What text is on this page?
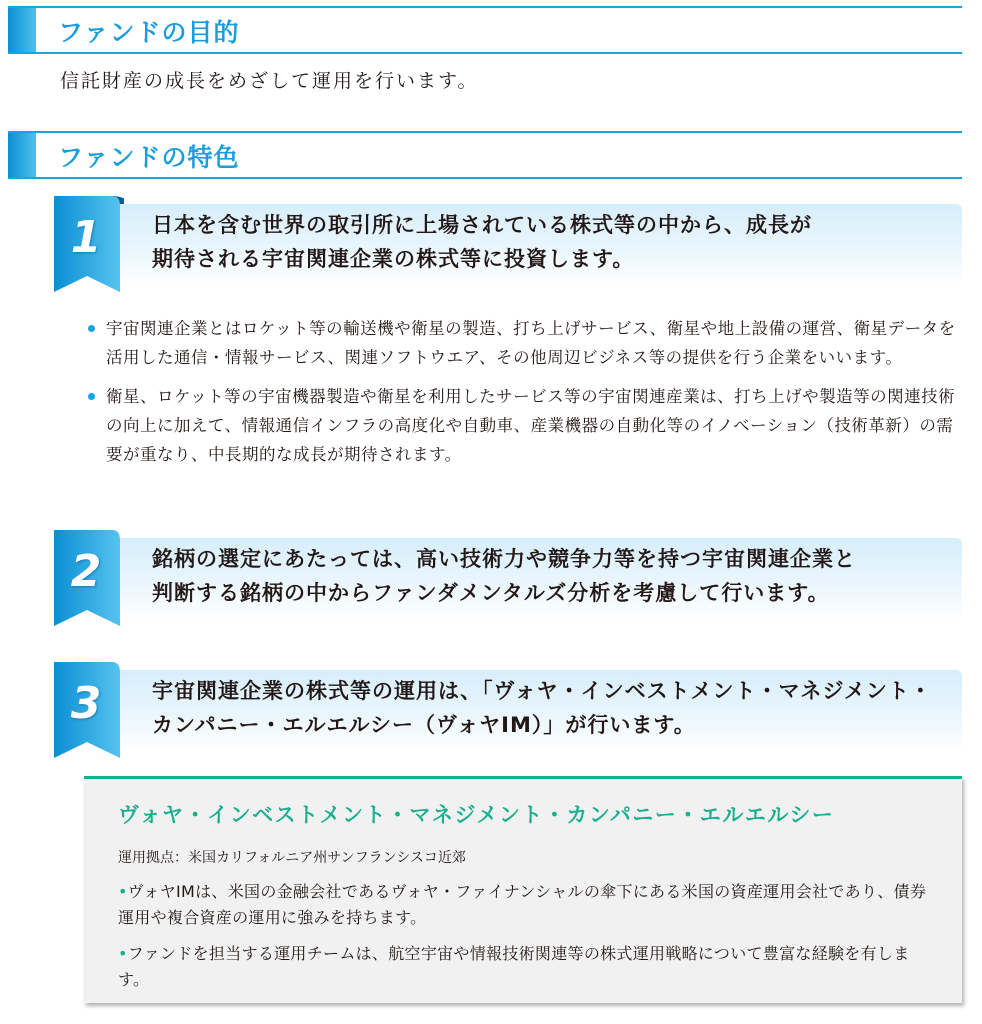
ファンドの目的
信託財産の成長をめざして運用を行います。
ファンドの特色
1	日本を含む世界の取引所に上場されている株式等の中から、成長が
期待される宇宙関連企業の株式等に投資します。
宇宙関連企業とはロケット等の輸送機や衛星の製造、打ち上げサービス、衛星や地上設備の運営、衛星データを活用した通信・情報サービス、関連ソフトウエア、その他周辺ビジネス等の提供を行う企業をいいます。
衛星、ロケット等の宇宙機器製造や衛星を利用したサービス等の宇宙関連産業は、打ち上げや製造等の関連技術の向上に加えて、情報通信インフラの高度化や自動車、産業機器の自動化等のイノベーション（技術革新）の需要が重なり、中長期的な成長が期待されます。
2	銘柄の選定にあたっては、高い技術力や競争力等を持つ宇宙関連企業と
判断する銘柄の中からファンダメンタルズ分析を考慮して行います。
3	宇宙関連企業の株式等の運用は、「ヴォヤ・インベストメント・マネジメント・
カンパニー・エルエルシー（ヴォヤIM）」が行います。
ヴォヤ・インベストメント・マネジメント・カンパニー・エルエルシー
運用拠点：米国カリフォルニア州サンフランシスコ近郊
•ヴォヤIMは、米国の金融会社であるヴォヤ・ファイナンシャルの傘下にある米国の資産運用会社であり、債券運用や複合資産の運用に強みを持ちます。
•ファンドを担当する運用チームは、航空宇宙や情報技術関連等の株式運用戦略について豊富な経験を有します。
